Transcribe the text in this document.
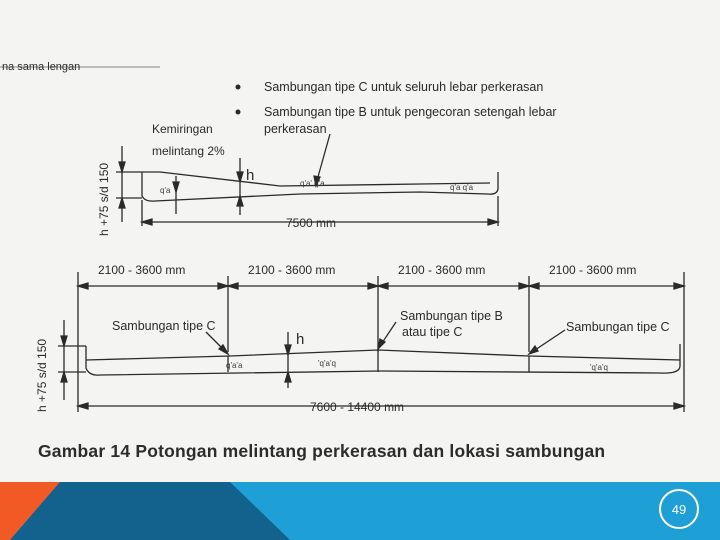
q'a
q'a' q'a	q'a q'a
q'a'a	'q'a'q	'q'a'q
na sama lengan
Sambungan tipe C untuk seluruh lebar perkerasan
Sambungan tipe B untuk pengecoran setengah lebar
perkerasan
Kemiringan
melintang 2%
h
h +75 s/d 150	7500 mm
2100 - 3600 mm	2100 - 3600 mm	2100 - 3600 mm	2100 - 3600 mm
Sambungan tipe C
Sambungan tipe B
atau tipe C	Sambungan tipe C
h
h +75 s/d 150	7600 - 14400 mm
Gambar 14 Potongan melintang perkerasan dan lokasi sambungan
49
